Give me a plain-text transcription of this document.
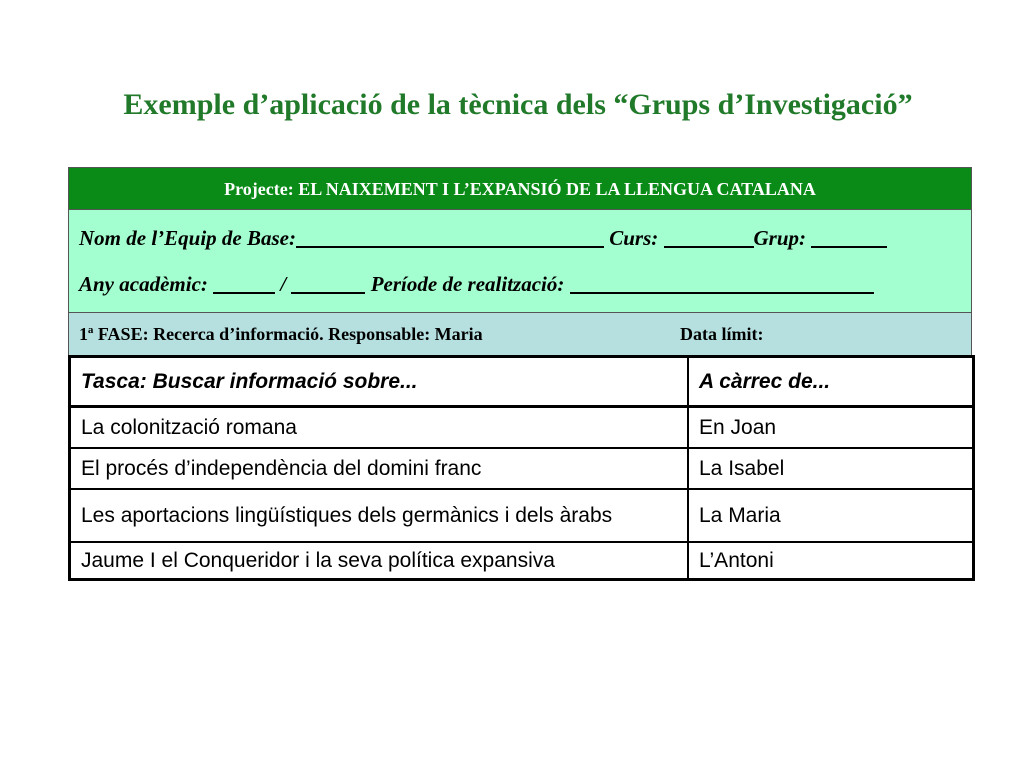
Exemple d’aplicació de la tècnica dels “Grups d’Investigació”
Projecte: EL NAIXEMENT I L’EXPANSIÓ DE LA LLENGUA CATALANA
Nom de l’Equip de Base:	Curs:	Grup:
Any acadèmic:	/	Període de realització:
1ª FASE: Recerca d’informació. Responsable: Maria	Data límit:
Tasca: Buscar informació sobre...	A càrrec de...
La colonització romana	En Joan
El procés d’independència del domini franc	La Isabel
Les aportacions lingüístiques dels germànics i dels àrabs	La Maria
Jaume I el Conqueridor i la seva política expansiva	L’Antoni
